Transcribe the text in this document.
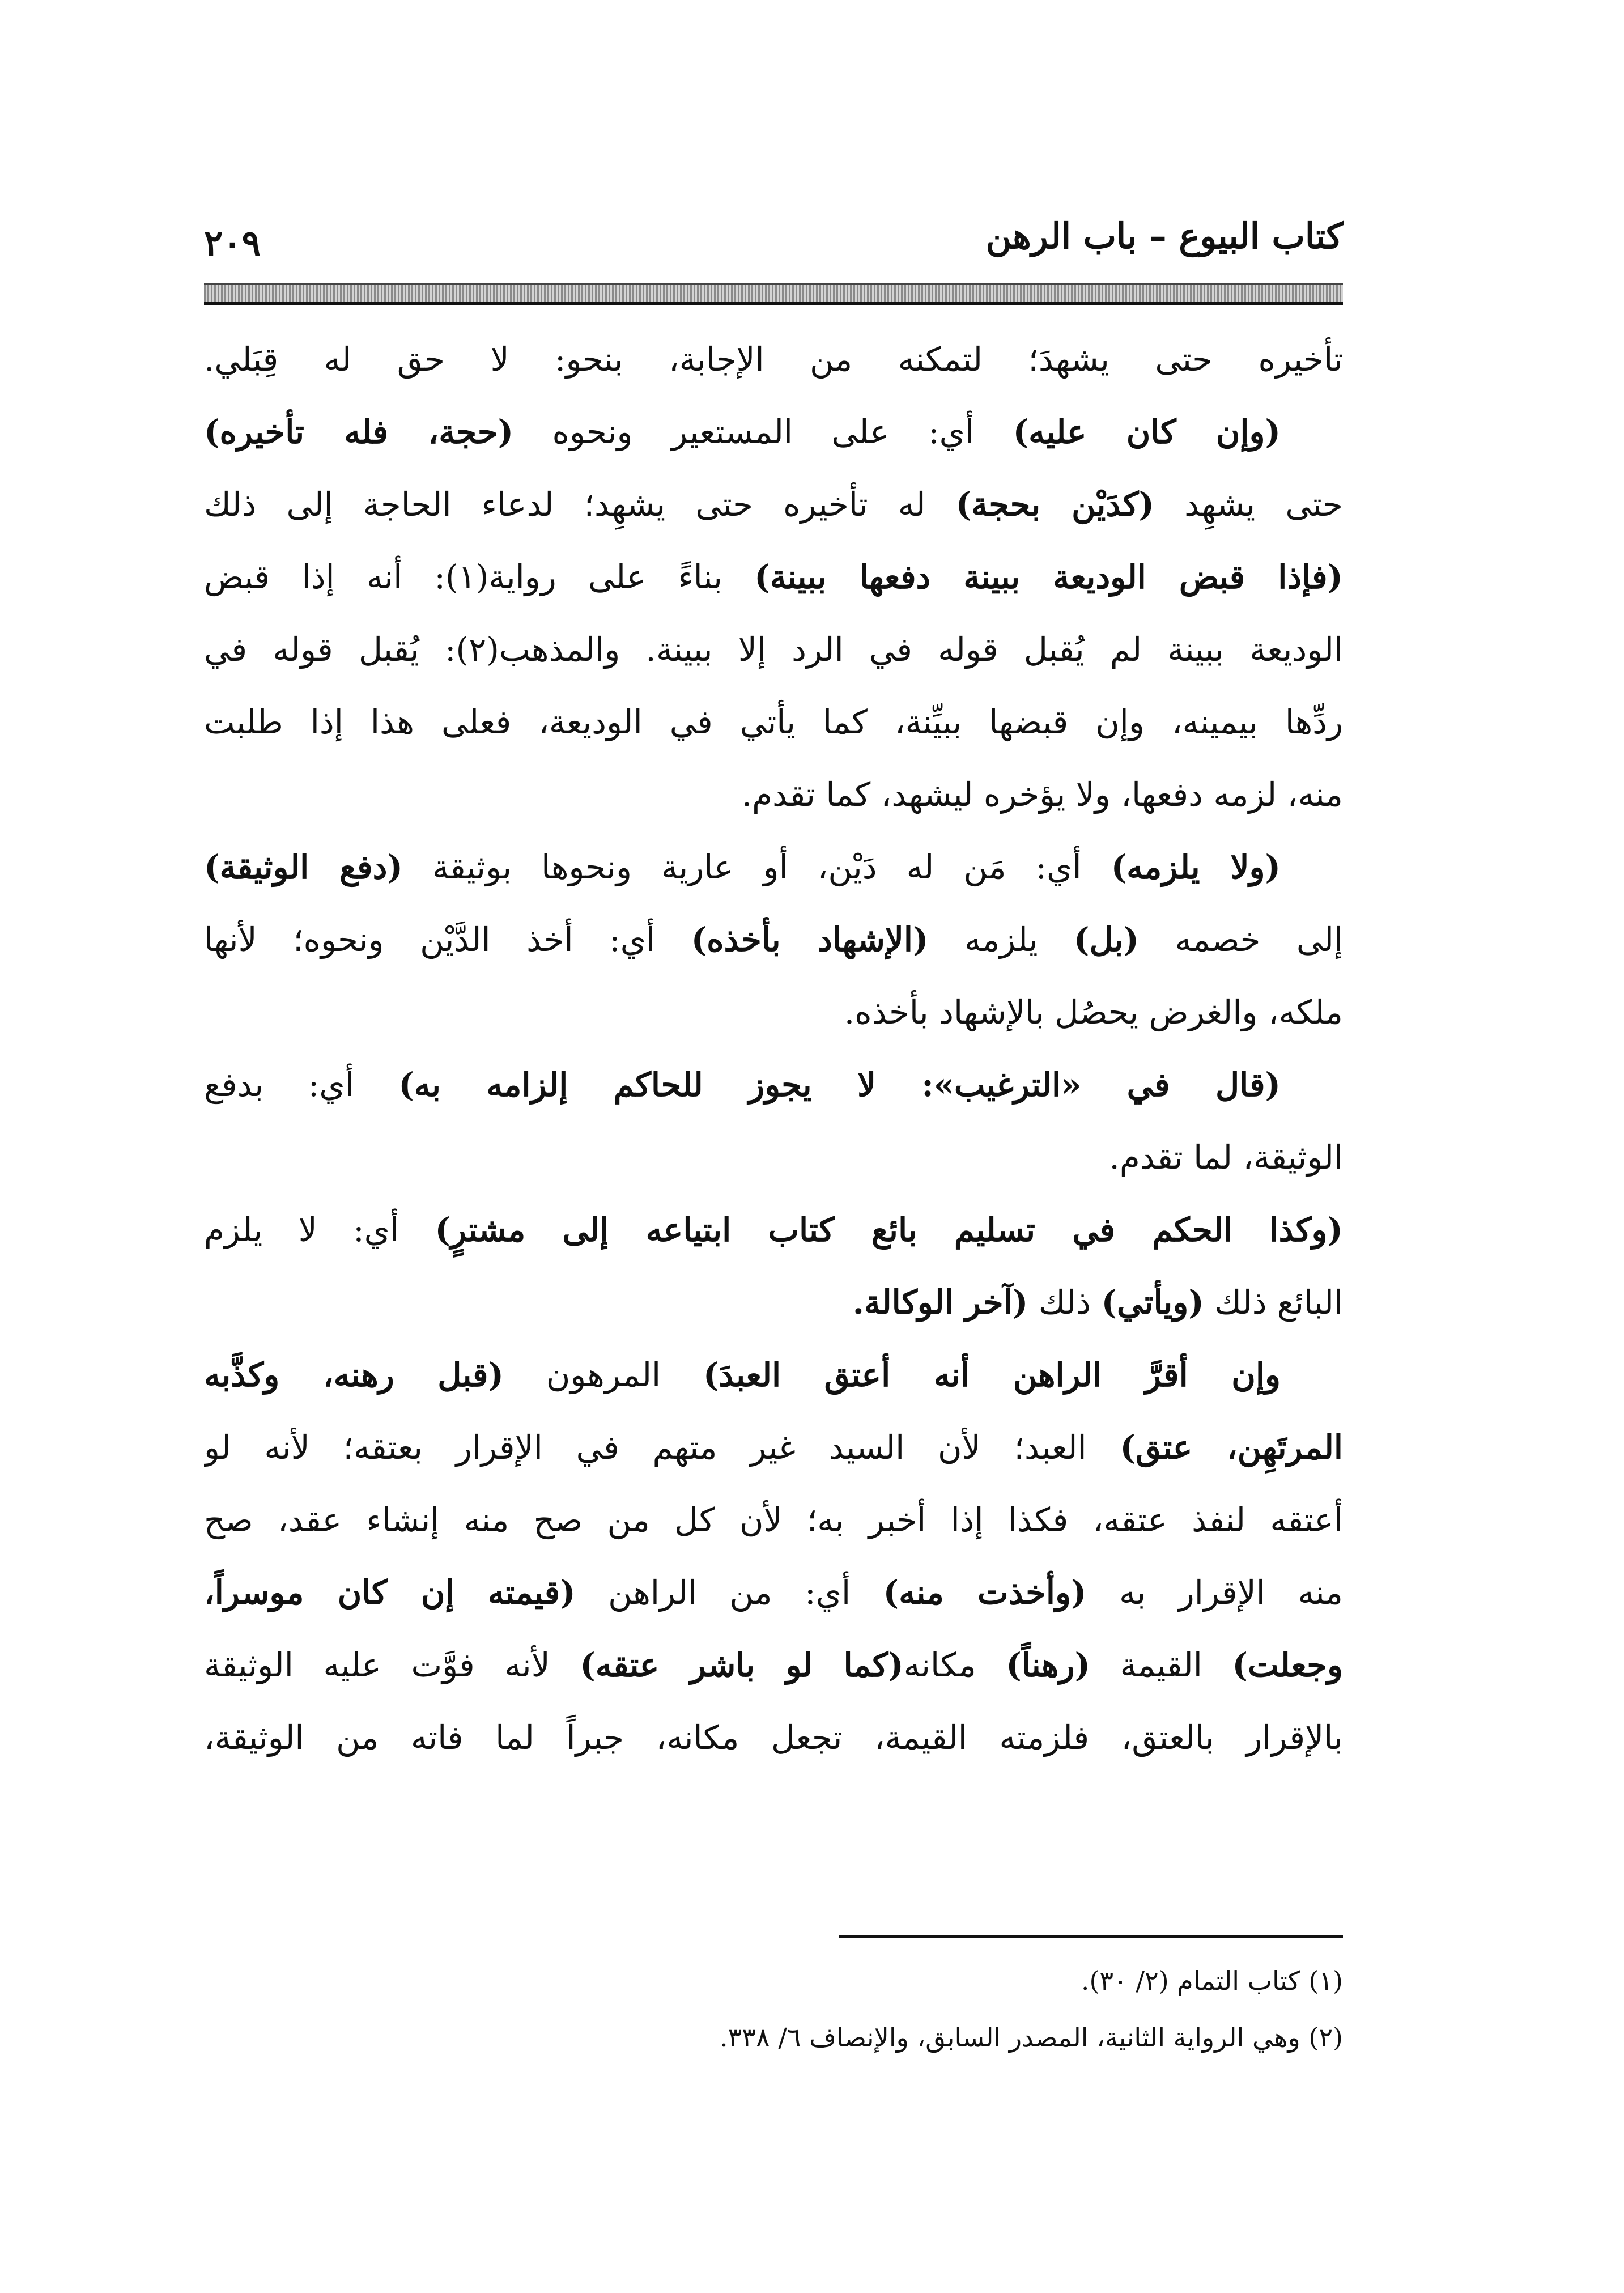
كتاب البيوع – باب الرهن
٢٠٩
تأخيره حتى يشهدَ؛ لتمكنه من الإجابة، بنحو: لا حق له قِبَلي.
(وإن كان عليه) أي: على المستعير ونحوه (حجة، فله تأخيره)
حتى يشهِد (كدَيْن بحجة) له تأخيره حتى يشهِد؛ لدعاء الحاجة إلى ذلك
(فإذا قبض الوديعة ببينة دفعها ببينة) بناءً على رواية(١): أنه إذا قبض
الوديعة ببينة لم يُقبل قوله في الرد إلا ببينة. والمذهب(٢): يُقبل قوله في
ردِّها بيمينه، وإن قبضها ببيِّنة، كما يأتي في الوديعة، فعلى هذا إذا طلبت
منه، لزمه دفعها، ولا يؤخره ليشهد، كما تقدم.
(ولا يلزمه) أي: مَن له دَيْن، أو عارية ونحوها بوثيقة (دفع الوثيقة)
إلى خصمه (بل) يلزمه (الإشهاد بأخذه) أي: أخذ الدَّيْن ونحوه؛ لأنها
ملكه، والغرض يحصُل بالإشهاد بأخذه.
(قال في «الترغيب»: لا يجوز للحاكم إلزامه به) أي: بدفع
الوثيقة، لما تقدم.
(وكذا الحكم في تسليم بائع كتاب ابتياعه إلى مشترٍ) أي: لا يلزم
البائع ذلك (ويأتي) ذلك (آخر الوكالة.
وإن أقرَّ الراهن أنه أعتق العبدَ) المرهون (قبل رهنه، وكذَّبه
المرتَهِن، عتق) العبد؛ لأن السيد غير متهم في الإقرار بعتقه؛ لأنه لو
أعتقه لنفذ عتقه، فكذا إذا أخبر به؛ لأن كل من صح منه إنشاء عقد، صح
منه الإقرار به (وأخذت منه) أي: من الراهن (قيمته إن كان موسراً،
وجعلت) القيمة (رهناً) مكانه(كما لو باشر عتقه) لأنه فوَّت عليه الوثيقة
بالإقرار بالعتق، فلزمته القيمة، تجعل مكانه، جبراً لما فاته من الوثيقة،
(١) كتاب التمام (٢/ ٣٠).
(٢) وهي الرواية الثانية، المصدر السابق، والإنصاف ٦/ ٣٣٨.
